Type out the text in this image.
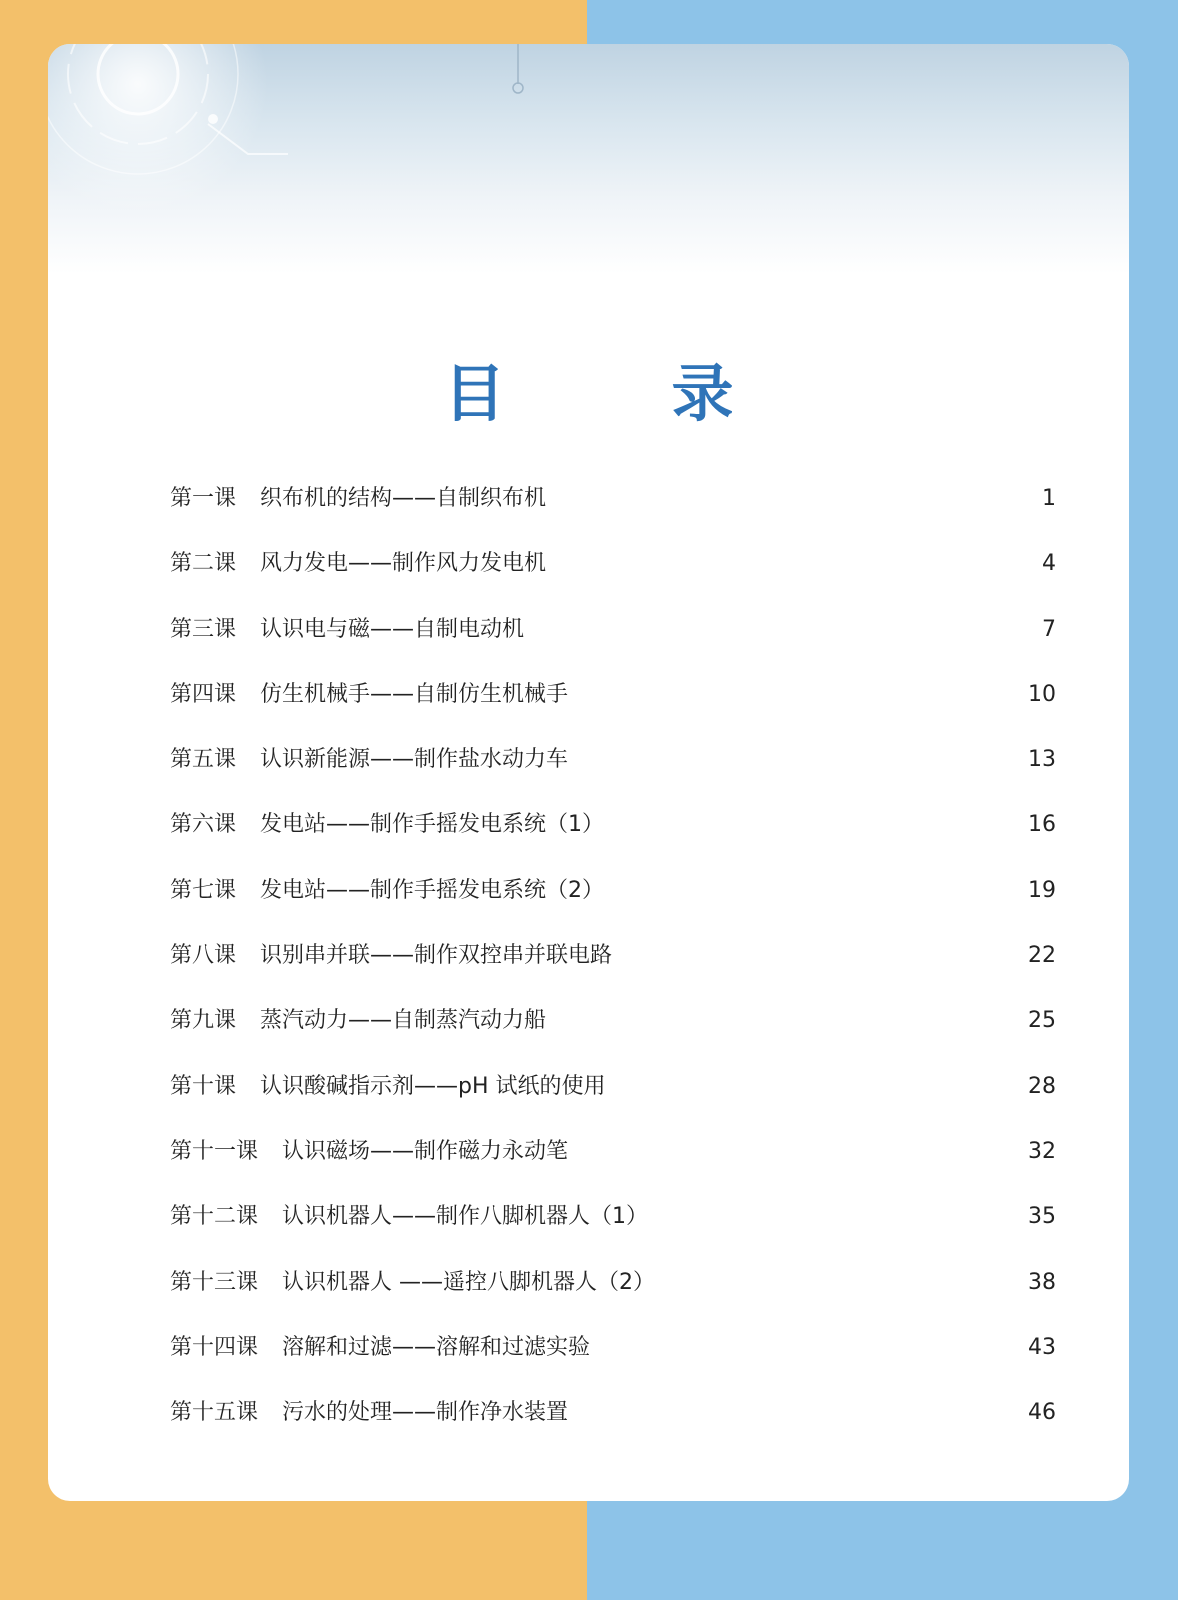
目　录
第一课 织布机的结构——自制织布机	1
第二课 风力发电——制作风力发电机	4
第三课 认识电与磁——自制电动机	7
第四课 仿生机械手——自制仿生机械手	10
第五课 认识新能源——制作盐水动力车	13
第六课 发电站——制作手摇发电系统（1）	16
第七课 发电站——制作手摇发电系统（2）	19
第八课 识别串并联——制作双控串并联电路	22
第九课 蒸汽动力——自制蒸汽动力船	25
第十课 认识酸碱指示剂——pH 试纸的使用	28
第十一课 认识磁场——制作磁力永动笔	32
第十二课 认识机器人——制作八脚机器人（1）	35
第十三课 认识机器人 ——遥控八脚机器人（2）	38
第十四课 溶解和过滤——溶解和过滤实验	43
第十五课 污水的处理——制作净水装置	46
